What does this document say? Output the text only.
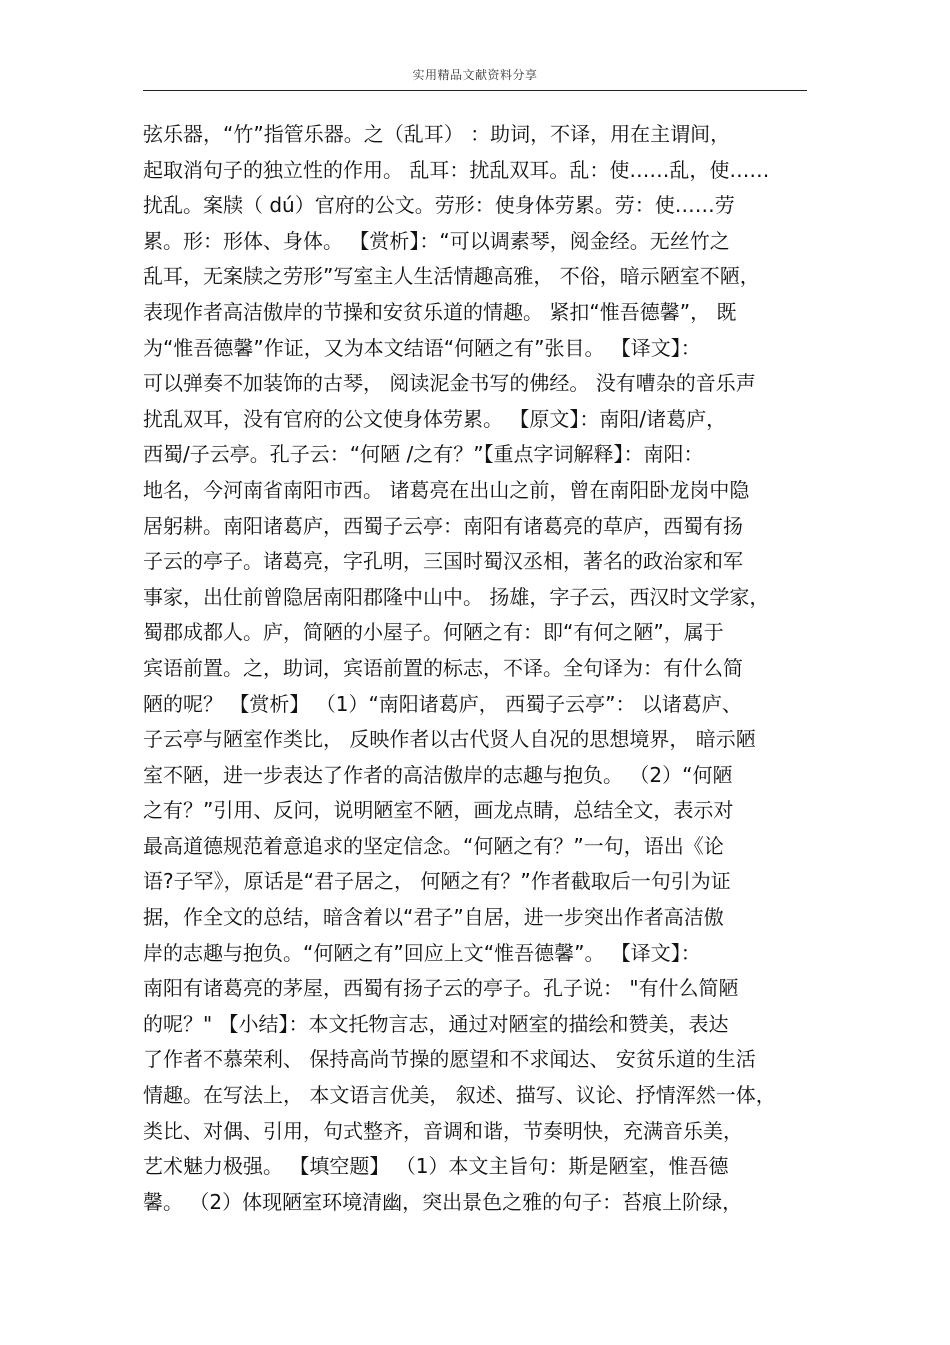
实用精品文献资料分享
弦乐器，“竹”指管乐器。之（乱耳） ：助词，不译，用在主谓间，
起取消句子的独立性的作用。 乱耳：扰乱双耳。乱：使……乱，使……
扰乱。案牍（ dú）官府的公文。劳形：使身体劳累。劳：使……劳
累。形：形体、身体。 【赏析】：“可以调素琴，阅金经。无丝竹之
乱耳，无案牍之劳形”写室主人生活情趣高雅， 不俗，暗示陋室不陋，
表现作者高洁傲岸的节操和安贫乐道的情趣。 紧扣“惟吾德馨”， 既
为“惟吾德馨”作证，又为本文结语“何陋之有”张目。 【译文】：
可以弹奏不加装饰的古琴， 阅读泥金书写的佛经。 没有嘈杂的音乐声
扰乱双耳，没有官府的公文使身体劳累。 【原文】：南阳/诸葛庐，
西蜀/子云亭。孔子云：“何陋 /之有？”【重点字词解释】：南阳：
地名，今河南省南阳市西。 诸葛亮在出山之前，曾在南阳卧龙岗中隐
居躬耕。南阳诸葛庐，西蜀子云亭：南阳有诸葛亮的草庐，西蜀有扬
子云的亭子。诸葛亮，字孔明，三国时蜀汉丞相，著名的政治家和军
事家，出仕前曾隐居南阳郡隆中山中。 扬雄，字子云，西汉时文学家，
蜀郡成都人。庐，简陋的小屋子。何陋之有：即“有何之陋”，属于
宾语前置。之，助词，宾语前置的标志，不译。全句译为：有什么简
陋的呢？ 【赏析】 （1）“南阳诸葛庐， 西蜀子云亭”： 以诸葛庐、
子云亭与陋室作类比， 反映作者以古代贤人自况的思想境界， 暗示陋
室不陋，进一步表达了作者的高洁傲岸的志趣与抱负。 （2）“何陋
之有？”引用、反问，说明陋室不陋，画龙点睛，总结全文，表示对
最高道德规范着意追求的坚定信念。“何陋之有？”一句，语出《论
语?子罕》，原话是“君子居之， 何陋之有？”作者截取后一句引为证
据，作全文的总结，暗含着以“君子”自居，进一步突出作者高洁傲
岸的志趣与抱负。“何陋之有”回应上文“惟吾德馨”。 【译文】：
南阳有诸葛亮的茅屋，西蜀有扬子云的亭子。孔子说： "有什么简陋
的呢？" 【小结】：本文托物言志，通过对陋室的描绘和赞美，表达
了作者不慕荣利、 保持高尚节操的愿望和不求闻达、 安贫乐道的生活
情趣。在写法上， 本文语言优美， 叙述、描写、议论、抒情浑然一体，
类比、对偶、引用，句式整齐，音调和谐，节奏明快，充满音乐美，
艺术魅力极强。 【填空题】 （1）本文主旨句：斯是陋室，惟吾德
馨。 （2）体现陋室环境清幽，突出景色之雅的句子：苔痕上阶绿，
